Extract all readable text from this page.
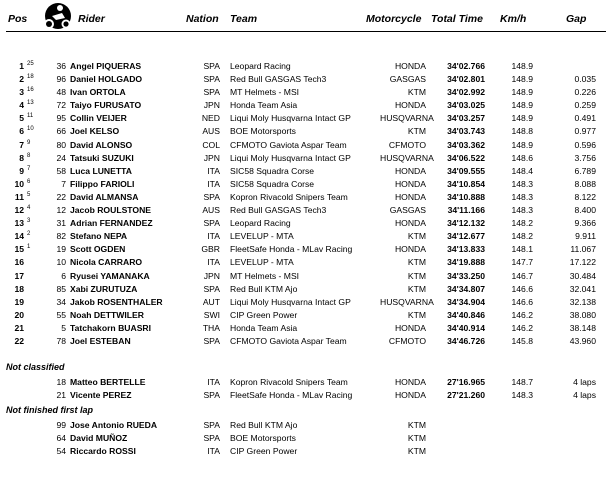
Pos	Rider	Nation Team	Motorcycle Total Time Km/h	Gap
1 25	36 Angel PIQUERAS	SPA Leopard Racing	HONDA	34'02.766	148.9
2 18	96 Daniel HOLGADO	SPA Red Bull GASGAS Tech3	GASGAS	34'02.801	148.9	0.035
3 16	48 Ivan ORTOLA	SPA MT Helmets - MSI	KTM	34'02.992	148.9	0.226
4 13	72 Taiyo FURUSATO	JPN Honda Team Asia	HONDA	34'03.025	148.9	0.259
5 11	95 Collin VEIJER	NED Liqui Moly Husqvarna Intact GP	HUSQVARNA	34'03.257	148.9	0.491
6 10	66 Joel KELSO	AUS BOE Motorsports	KTM	34'03.743	148.8	0.977
7 9	80 David ALONSO	COL CFMOTO Gaviota Aspar Team	CFMOTO	34'03.362	148.9	0.596
8 8	24 Tatsuki SUZUKI	JPN Liqui Moly Husqvarna Intact GP	HUSQVARNA	34'06.522	148.6	3.756
9 7	58 Luca LUNETTA	ITA SIC58 Squadra Corse	HONDA	34'09.555	148.4	6.789
10 6	7 Filippo FARIOLI	ITA SIC58 Squadra Corse	HONDA	34'10.854	148.3	8.088
11 5	22 David ALMANSA	SPA Kopron Rivacold Snipers Team	HONDA	34'10.888	148.3	8.122
12 4	12 Jacob ROULSTONE	AUS Red Bull GASGAS Tech3	GASGAS	34'11.166	148.3	8.400
13 3	31 Adrian FERNANDEZ	SPA Leopard Racing	HONDA	34'12.132	148.2	9.366
14 2	82 Stefano NEPA	ITA LEVELUP - MTA	KTM	34'12.677	148.2	9.911
15 1	19 Scott OGDEN	GBR FleetSafe Honda - MLav Racing	HONDA	34'13.833	148.1	11.067
16	10 Nicola CARRARO	ITA LEVELUP - MTA	KTM	34'19.888	147.7	17.122
17	6 Ryusei YAMANAKA	JPN MT Helmets - MSI	KTM	34'33.250	146.7	30.484
18	85 Xabi ZURUTUZA	SPA Red Bull KTM Ajo	KTM	34'34.807	146.6	32.041
19	34 Jakob ROSENTHALER	AUT Liqui Moly Husqvarna Intact GP	HUSQVARNA	34'34.904	146.6	32.138
20	55 Noah DETTWILER	SWI CIP Green Power	KTM	34'40.846	146.2	38.080
21	5 Tatchakorn BUASRI	THA Honda Team Asia	HONDA	34'40.914	146.2	38.148
22	78 Joel ESTEBAN	SPA CFMOTO Gaviota Aspar Team	CFMOTO	34'46.726	145.8	43.960
Not classified
18 Matteo BERTELLE	ITA Kopron Rivacold Snipers Team	HONDA	27'16.965	148.7	4 laps
21 Vicente PEREZ	SPA FleetSafe Honda - MLav Racing	HONDA	27'21.260	148.3	4 laps
Not finished first lap
99 Jose Antonio RUEDA	SPA Red Bull KTM Ajo	KTM
64 David MUÑOZ	SPA BOE Motorsports	KTM
54 Riccardo ROSSI	ITA CIP Green Power	KTM
